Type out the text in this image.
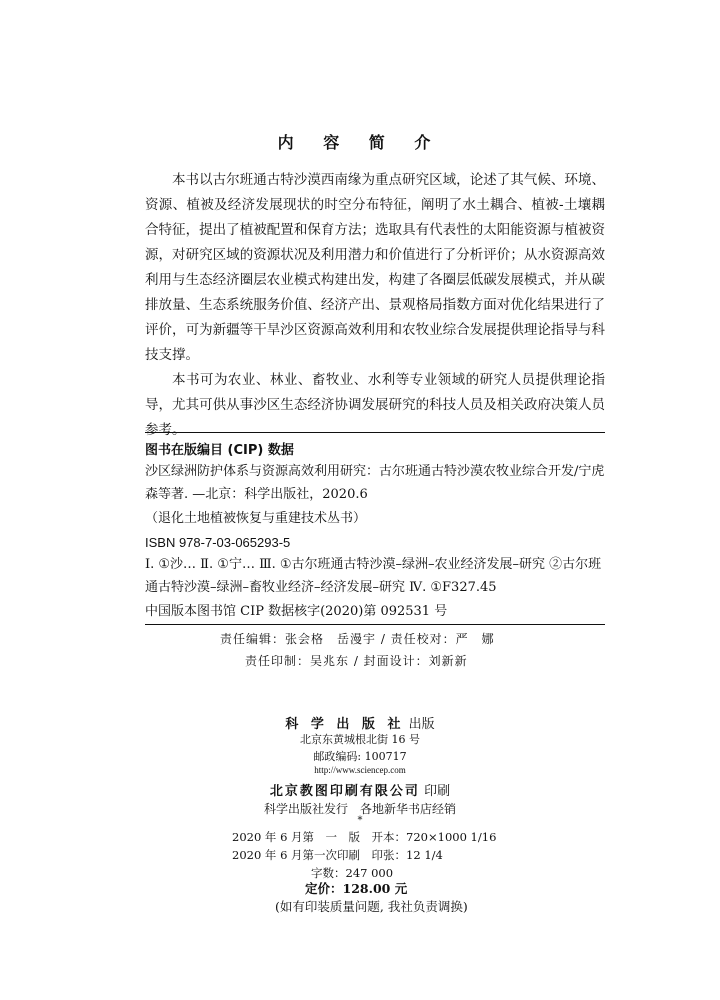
内 容 简 介

本书以古尔班通古特沙漠西南缘为重点研究区域，论述了其气候、环境、资源、植被及经济发展现状的时空分布特征，阐明了水土耦合、植被-土壤耦合特征，提出了植被配置和保育方法；选取具有代表性的太阳能资源与植被资源，对研究区域的资源状况及利用潜力和价值进行了分析评价；从水资源高效利用与生态经济圈层农业模式构建出发，构建了各圈层低碳发展模式，并从碳排放量、生态系统服务价值、经济产出、景观格局指数方面对优化结果进行了评价，可为新疆等干旱沙区资源高效利用和农牧业综合发展提供理论指导与科技支撑。

本书可为农业、林业、畜牧业、水利等专业领域的研究人员提供理论指导，尤其可供从事沙区生态经济协调发展研究的科技人员及相关政府决策人员参考。

图书在版编目 (CIP) 数据
沙区绿洲防护体系与资源高效利用研究：古尔班通古特沙漠农牧业综合开发/宁虎森等著. —北京：科学出版社，2020.6
（退化土地植被恢复与重建技术丛书）
ISBN 978-7-03-065293-5
Ⅰ. ①沙… Ⅱ. ①宁… Ⅲ. ①古尔班通古特沙漠–绿洲–农业经济发展–研究 ②古尔班通古特沙漠–绿洲–畜牧业经济–经济发展–研究 Ⅳ. ①F327.45
中国版本图书馆 CIP 数据核字(2020)第 092531 号
责任编辑：张会格　岳漫宇 / 责任校对：严　娜
责任印制：吴兆东 / 封面设计：刘新新
科 学 出 版 社 出版
北京东黄城根北街 16 号
邮政编码: 100717
http://www.sciencep.com
北京教图印刷有限公司 印刷
科学出版社发行　各地新华书店经销
*
2020 年 6 月第　一　版　开本：720×1000 1/16
2020 年 6 月第一次印刷　印张：12 1/4
字数：247 000
定价：128.00 元
(如有印装质量问题, 我社负责调换)
